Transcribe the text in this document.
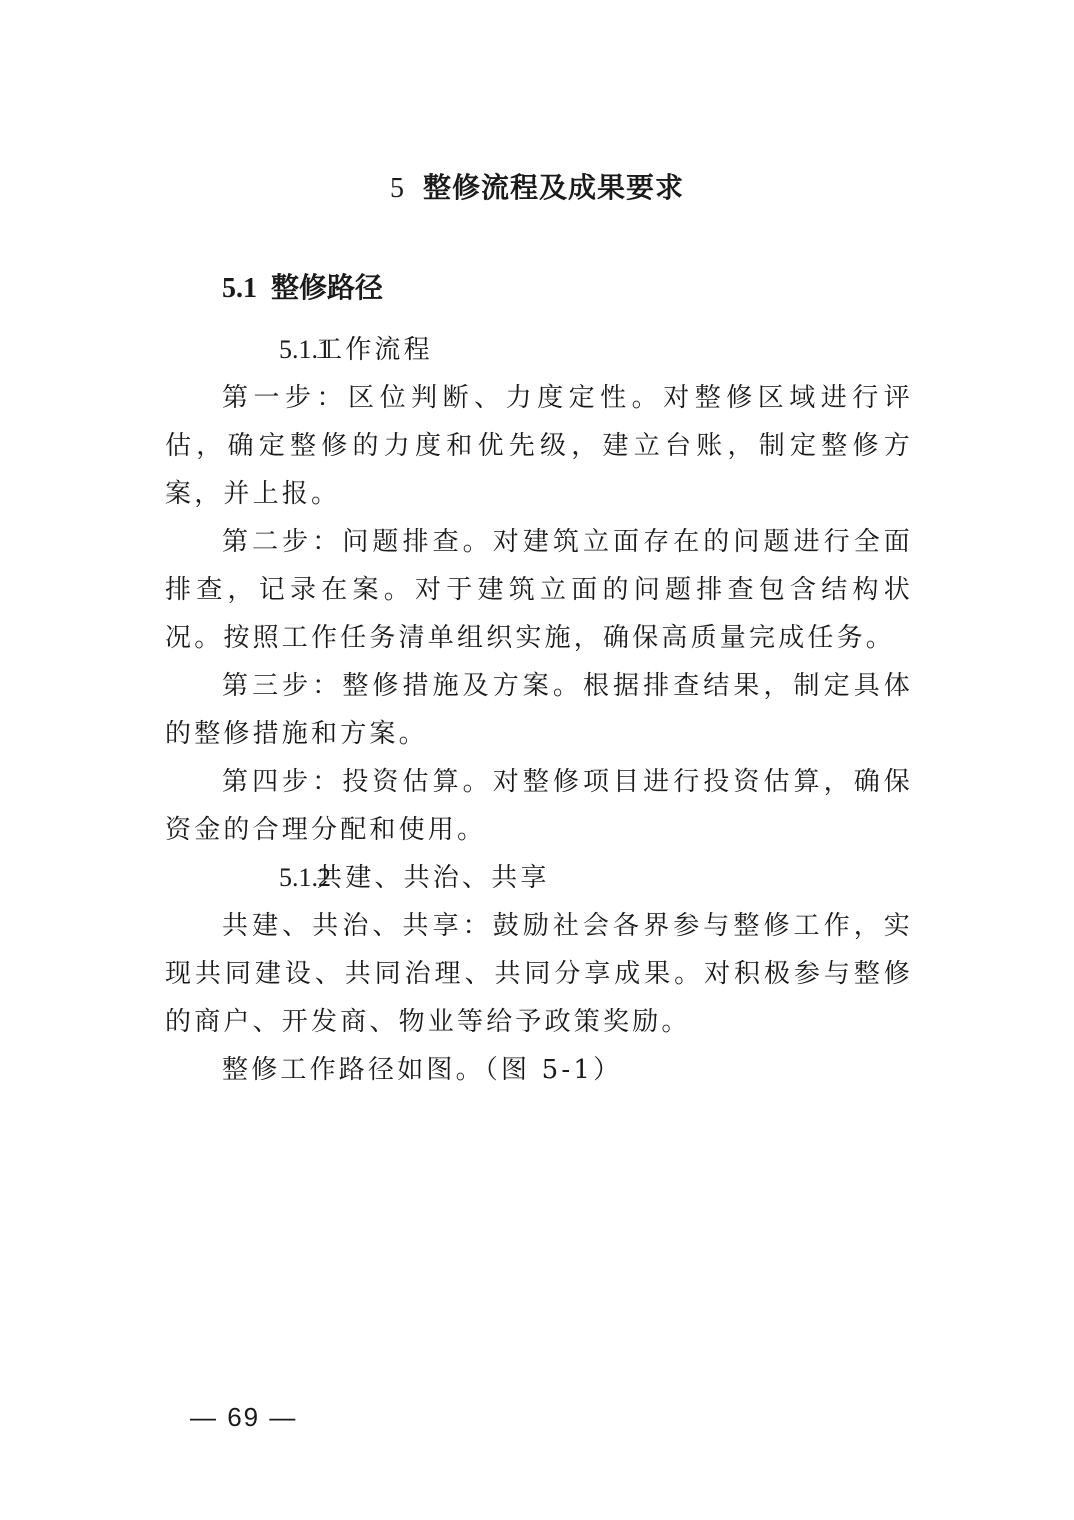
5 整修流程及成果要求
5.1 整修路径

5.1.1工作流程

第一步：区位判断、力度定性。对整修区域进行评估，确定整修的力度和优先级，建立台账，制定整修方案，并上报。

第二步：问题排查。对建筑立面存在的问题进行全面排查，记录在案。对于建筑立面的问题排查包含结构状况。按照工作任务清单组织实施，确保高质量完成任务。

第三步：整修措施及方案。根据排查结果，制定具体的整修措施和方案。

第四步：投资估算。对整修项目进行投资估算，确保资金的合理分配和使用。

5.1.2共建、共治、共享

共建、共治、共享：鼓励社会各界参与整修工作，实现共同建设、共同治理、共同分享成果。对积极参与整修的商户、开发商、物业等给予政策奖励。

整修工作路径如图。（图 5-1）

— 69 —
